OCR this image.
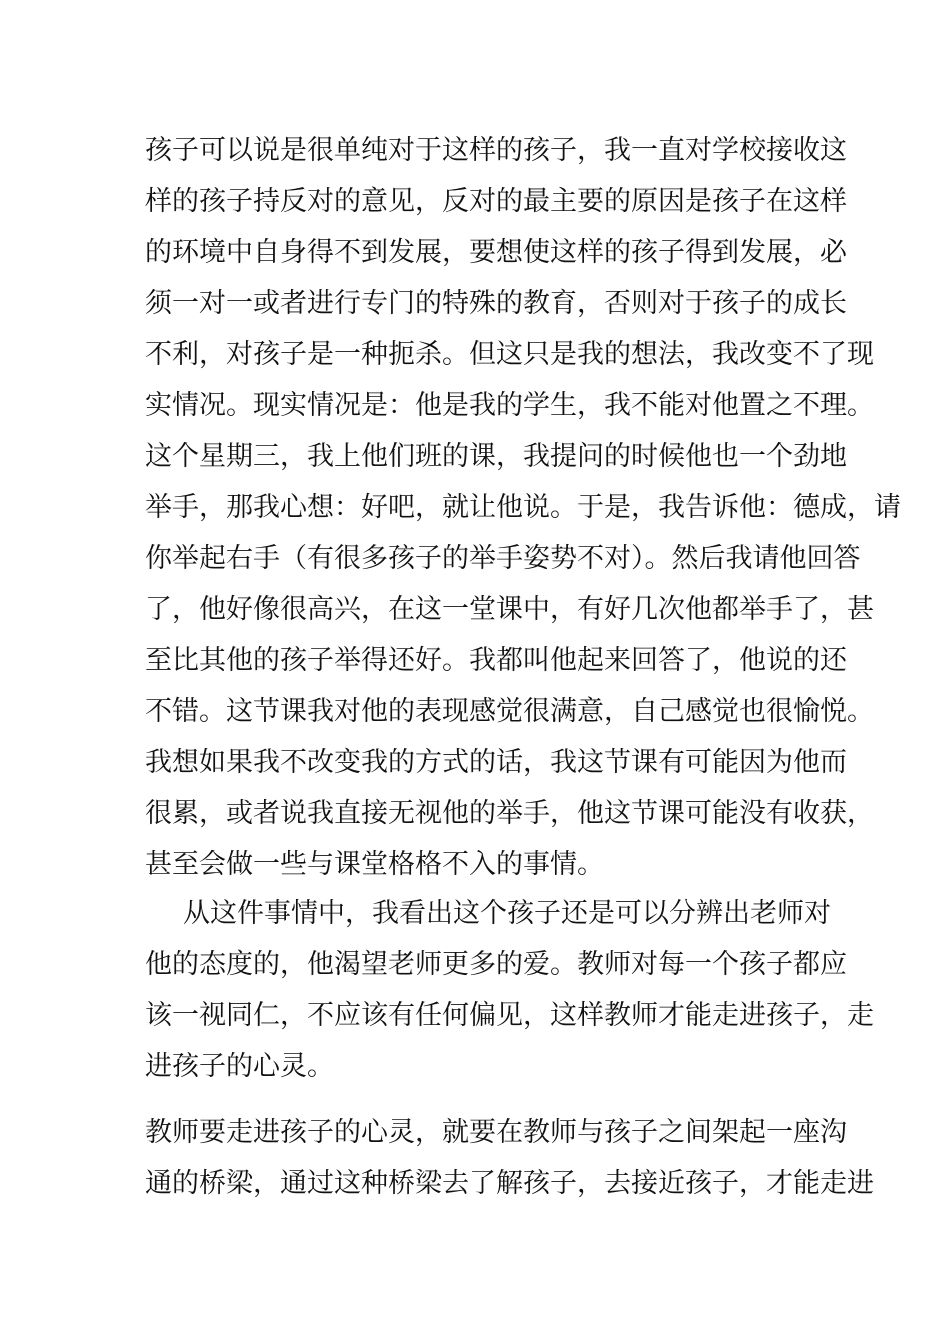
孩子可以说是很单纯对于这样的孩子，我一直对学校接收这
样的孩子持反对的意见，反对的最主要的原因是孩子在这样
的环境中自身得不到发展，要想使这样的孩子得到发展，必
须一对一或者进行专门的特殊的教育，否则对于孩子的成长
不利，对孩子是一种扼杀。但这只是我的想法，我改变不了现
实情况。现实情况是：他是我的学生，我不能对他置之不理。
这个星期三，我上他们班的课，我提问的时候他也一个劲地
举手，那我心想：好吧，就让他说。于是，我告诉他：德成，请
你举起右手（有很多孩子的举手姿势不对）。然后我请他回答
了，他好像很高兴，在这一堂课中，有好几次他都举手了，甚
至比其他的孩子举得还好。我都叫他起来回答了，他说的还
不错。这节课我对他的表现感觉很满意，自己感觉也很愉悦。
我想如果我不改变我的方式的话，我这节课有可能因为他而
很累，或者说我直接无视他的举手，他这节课可能没有收获，
甚至会做一些与课堂格格不入的事情。
从这件事情中，我看出这个孩子还是可以分辨出老师对
他的态度的，他渴望老师更多的爱。教师对每一个孩子都应
该一视同仁，不应该有任何偏见，这样教师才能走进孩子，走
进孩子的心灵。
教师要走进孩子的心灵，就要在教师与孩子之间架起一座沟
通的桥梁，通过这种桥梁去了解孩子，去接近孩子，才能走进
